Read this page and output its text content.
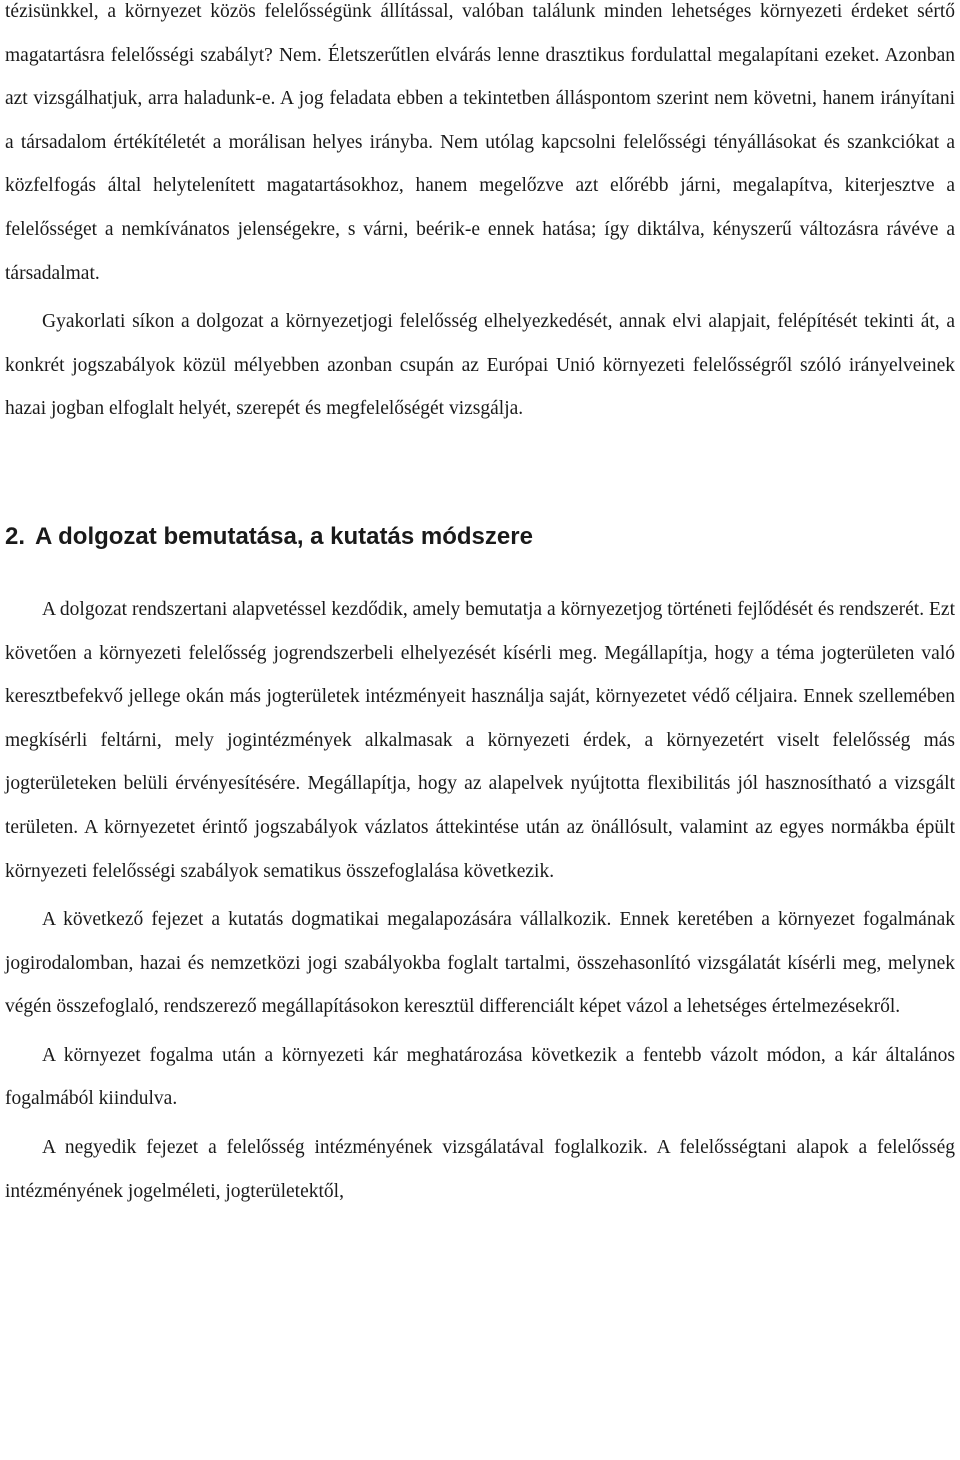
tézisünkkel, a környezet közös felelősségünk állítással, valóban találunk minden lehetséges környezeti érdeket sértő magatartásra felelősségi szabályt? Nem. Életszerűtlen elvárás lenne drasztikus fordulattal megalapítani ezeket. Azonban azt vizsgálhatjuk, arra haladunk-e. A jog feladata ebben a tekintetben álláspontom szerint nem követni, hanem irányítani a társadalom értékítéletét a morálisan helyes irányba. Nem utólag kapcsolni felelősségi tényállásokat és szankciókat a közfelfogás által helytelenített magatartásokhoz, hanem megelőzve azt előrébb járni, megalapítva, kiterjesztve a felelősséget a nemkívánatos jelenségekre, s várni, beérik-e ennek hatása; így diktálva, kényszerű változásra rávéve a társadalmat.

Gyakorlati síkon a dolgozat a környezetjogi felelősség elhelyezkedését, annak elvi alapjait, felépítését tekinti át, a konkrét jogszabályok közül mélyebben azonban csupán az Európai Unió környezeti felelősségről szóló irányelveinek hazai jogban elfoglalt helyét, szerepét és megfelelőségét vizsgálja.

2. A dolgozat bemutatása, a kutatás módszere

A dolgozat rendszertani alapvetéssel kezdődik, amely bemutatja a környezetjog történeti fejlődését és rendszerét. Ezt követően a környezeti felelősség jogrendszerbeli elhelyezését kísérli meg. Megállapítja, hogy a téma jogterületen való keresztbefekvő jellege okán más jogterületek intézményeit használja saját, környezetet védő céljaira. Ennek szellemében megkísérli feltárni, mely jogintézmények alkalmasak a környezeti érdek, a környezetért viselt felelősség más jogterületeken belüli érvényesítésére. Megállapítja, hogy az alapelvek nyújtotta flexibilitás jól hasznosítható a vizsgált területen. A környezetet érintő jogszabályok vázlatos áttekintése után az önállósult, valamint az egyes normákba épült környezeti felelősségi szabályok sematikus összefoglalása következik.

A következő fejezet a kutatás dogmatikai megalapozására vállalkozik. Ennek keretében a környezet fogalmának jogirodalomban, hazai és nemzetközi jogi szabályokba foglalt tartalmi, összehasonlító vizsgálatát kísérli meg, melynek végén összefoglaló, rendszerező megállapításokon keresztül differenciált képet vázol a lehetséges értelmezésekről.

A környezet fogalma után a környezeti kár meghatározása következik a fentebb vázolt módon, a kár általános fogalmából kiindulva.

A negyedik fejezet a felelősség intézményének vizsgálatával foglalkozik. A felelősségtani alapok a felelősség intézményének jogelméleti, jogterületektől,
